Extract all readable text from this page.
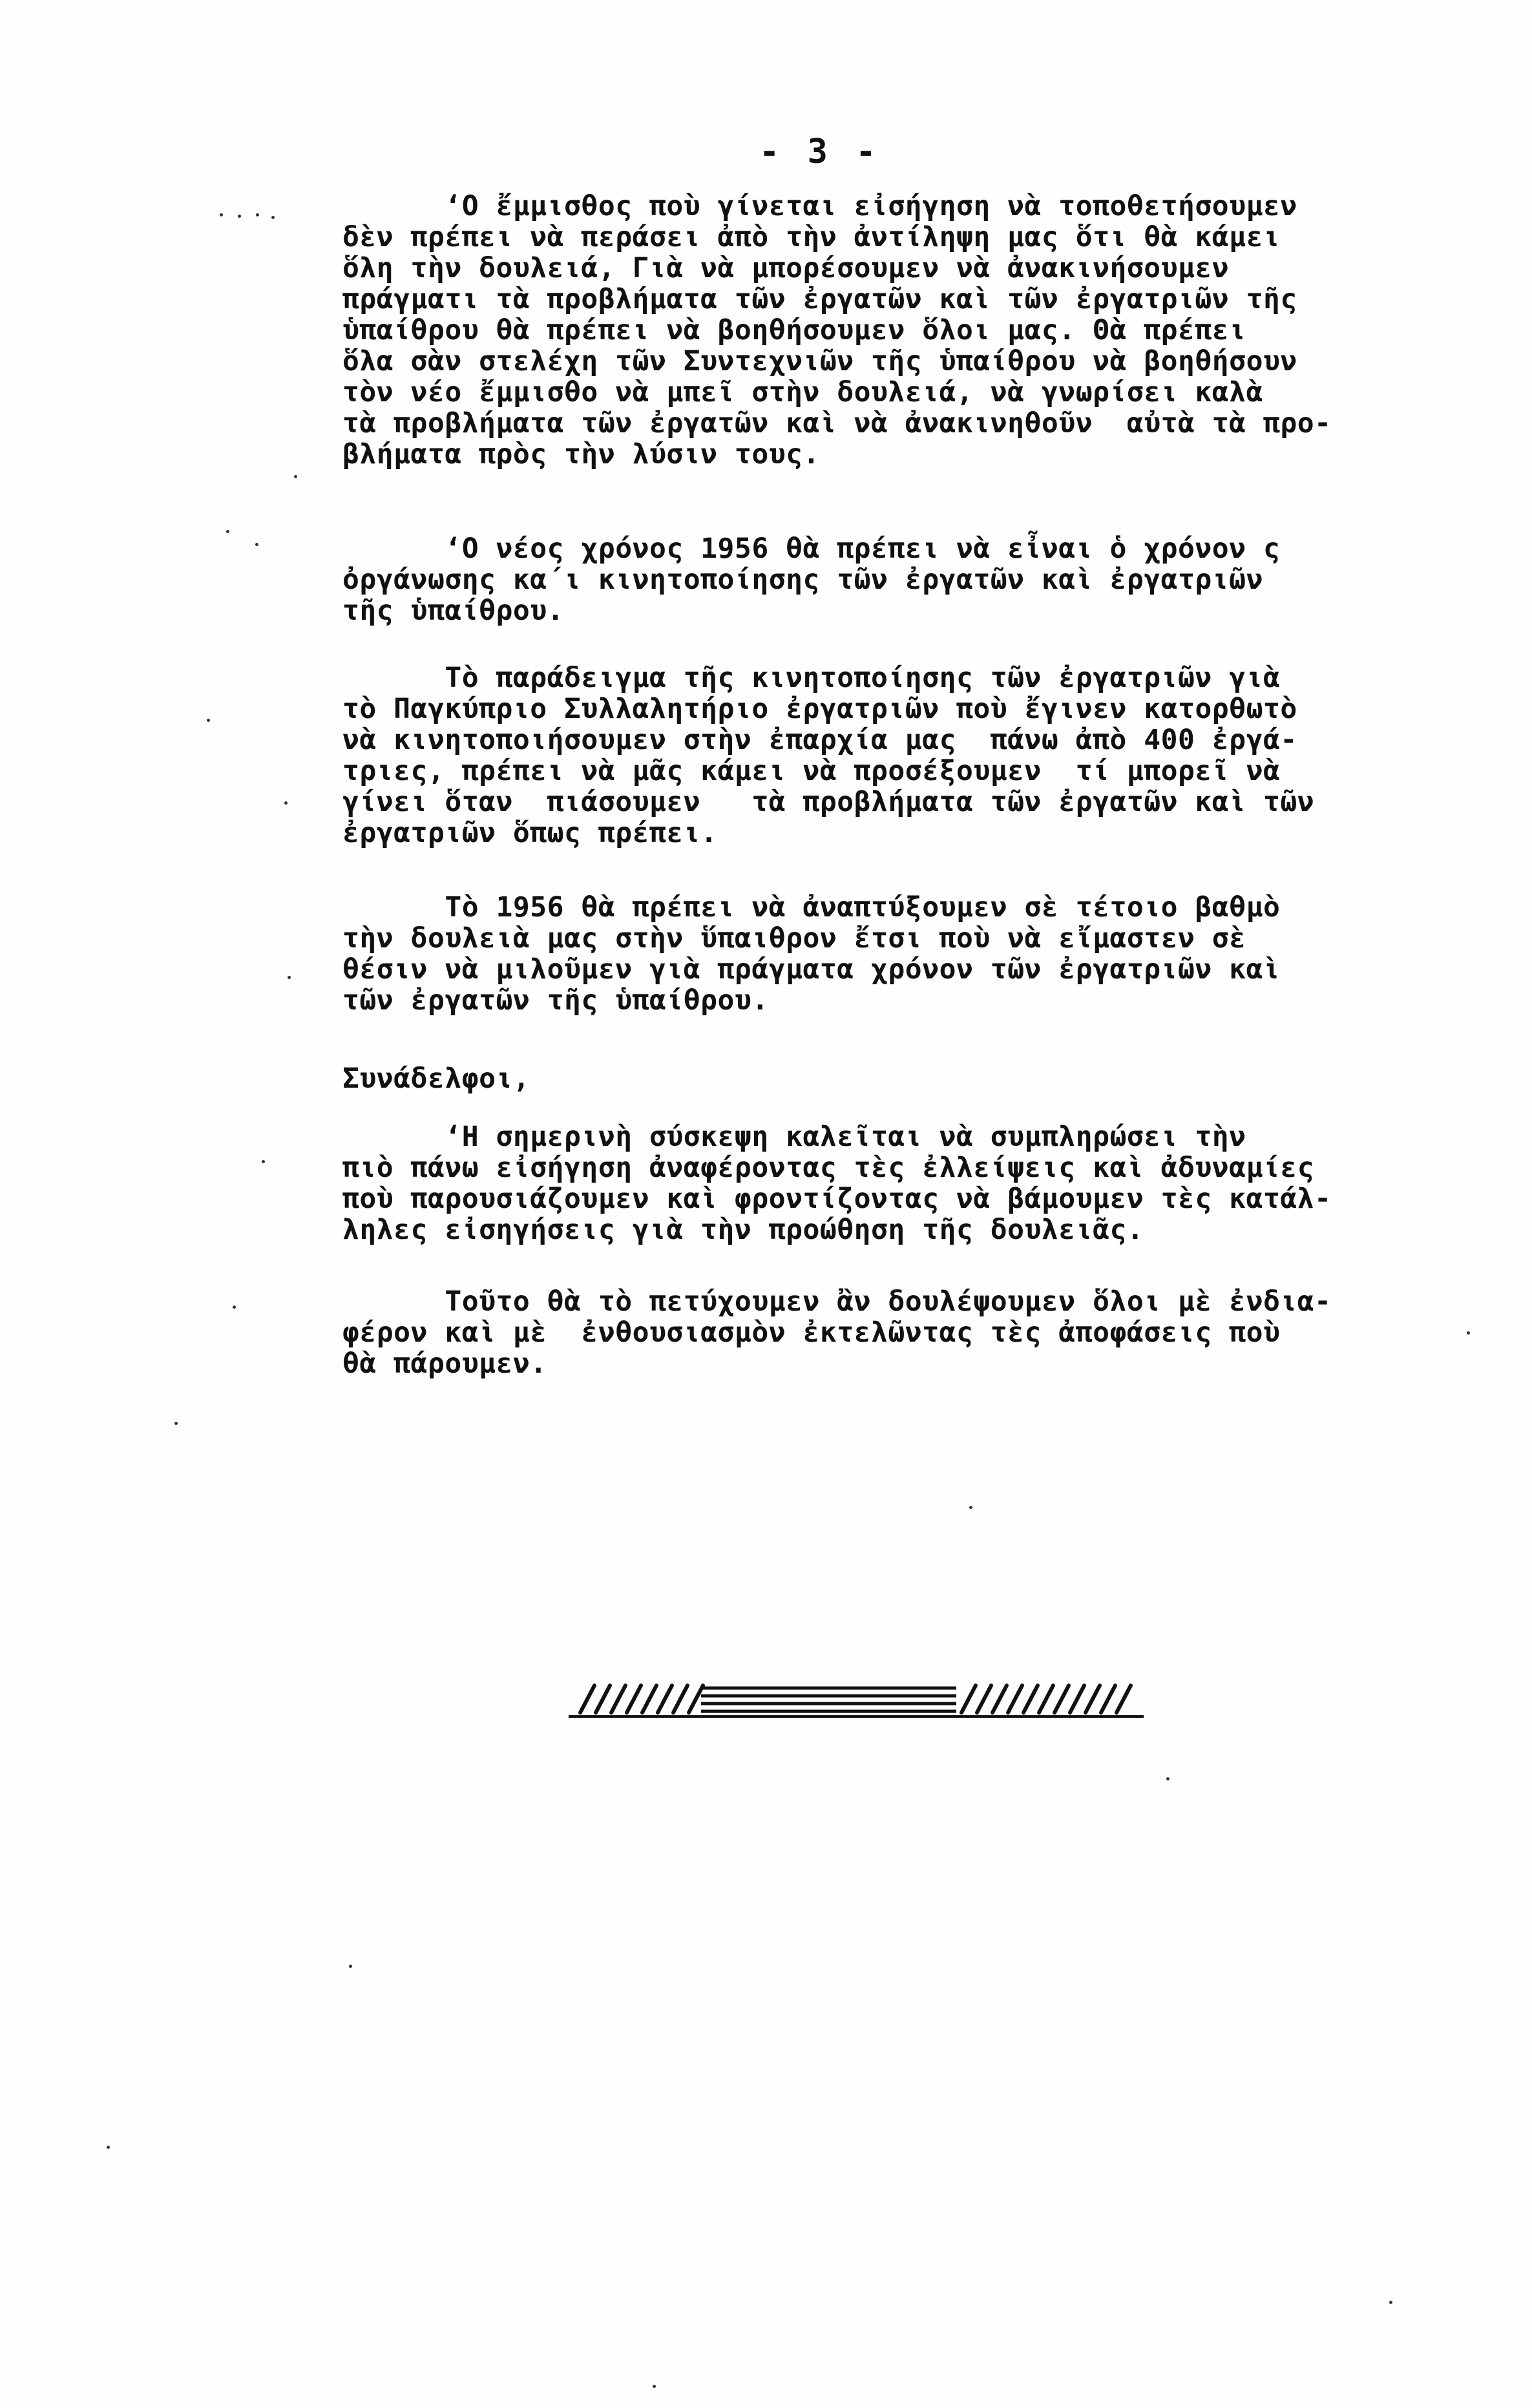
- 3 -

‘Ο ἔμμισθος ποὺ γίνεται εἰσήγηση νὰ τοποθετήσουμεν
δὲν πρέπει νὰ περάσει ἀπὸ τὴν ἀντίληψη μας ὅτι θὰ κάμει
ὅλη τὴν δουλειά, Γιὰ νὰ μπορέσουμεν νὰ ἀνακινήσουμεν
πράγματι τὰ προβλήματα τῶν ἐργατῶν καὶ τῶν ἐργατριῶν τῆς
ὑπαίθρου θὰ πρέπει νὰ βοηθήσουμεν ὅλοι μας. Θὰ πρέπει
ὅλα σὰν στελέχη τῶν Συντεχνιῶν τῆς ὑπαίθρου νὰ βοηθήσουν
τὸν νέο ἔμμισθο νὰ μπεῖ στὴν δουλειά, νὰ γνωρίσει καλὰ
τὰ προβλήματα τῶν ἐργατῶν καὶ νὰ ἀνακινηθοῦν  αὐτὰ τὰ προ-
βλήματα πρὸς τὴν λύσιν τους.

‘Ο νέος χρόνος 1956 θὰ πρέπει νὰ εἶναι ὁ χρόνον ς
ὀργάνωσης κα΄ι κινητοποίησης τῶν ἐργατῶν καὶ ἐργατριῶν
τῆς ὑπαίθρου.

Τὸ παράδειγμα τῆς κινητοποίησης τῶν ἐργατριῶν γιὰ
τὸ Παγκύπριο Συλλαλητήριο ἐργατριῶν ποὺ ἔγινεν κατορθωτὸ
νὰ κινητοποιήσουμεν στὴν ἐπαρχία μας  πάνω ἀπὸ 400 ἐργά-
τριες, πρέπει νὰ μᾶς κάμει νὰ προσέξουμεν  τί μπορεῖ νὰ
γίνει ὅταν  πιάσουμεν   τὰ προβλήματα τῶν ἐργατῶν καὶ τῶν
ἐργατριῶν ὅπως πρέπει.

Τὸ 1956 θὰ πρέπει νὰ ἀναπτύξουμεν σὲ τέτοιο βαθμὸ
τὴν δουλειὰ μας στὴν ὕπαιθρον ἔτσι ποὺ νὰ εἴμαστεν σὲ
θέσιν νὰ μιλοῦμεν γιὰ πράγματα χρόνον τῶν ἐργατριῶν καὶ
τῶν ἐργατῶν τῆς ὑπαίθρου.

Συνάδελφοι,

‘Η σημερινὴ σύσκεψη καλεῖται νὰ συμπληρώσει τὴν
πιὸ πάνω εἰσήγηση ἀναφέροντας τὲς ἐλλείψεις καὶ ἀδυναμίες
ποὺ παρουσιάζουμεν καὶ φροντίζοντας νὰ βάμουμεν τὲς κατάλ-
ληλες εἰσηγήσεις γιὰ τὴν προώθηση τῆς δουλειᾶς.

Τοῦτο θὰ τὸ πετύχουμεν ἂν δουλέψουμεν ὅλοι μὲ ἐνδια-
φέρον καὶ μὲ  ἐνθουσιασμὸν ἐκτελῶντας τὲς ἀποφάσεις ποὺ
θὰ πάρουμεν.
